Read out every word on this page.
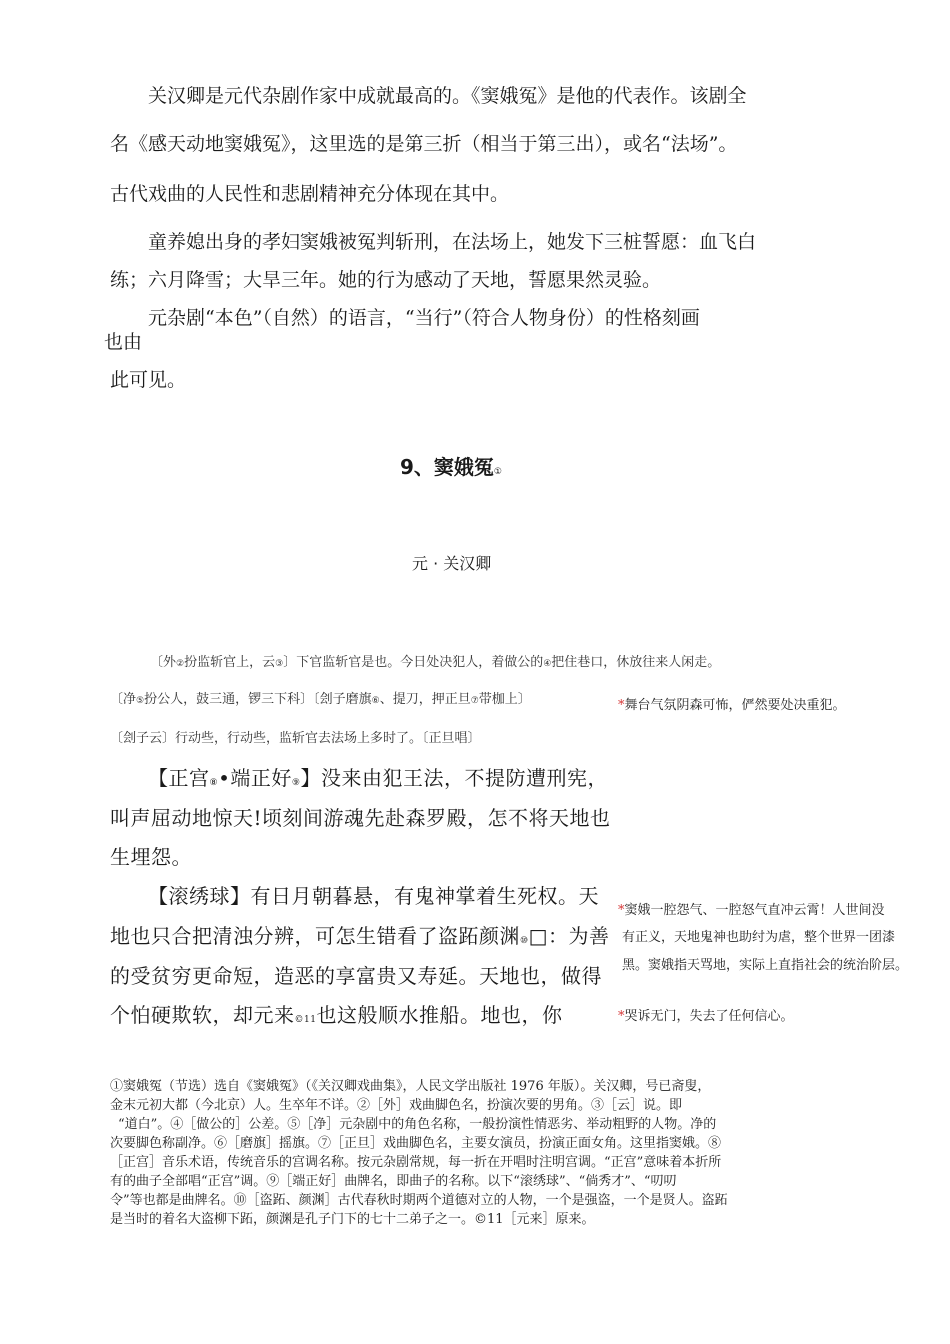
关汉卿是元代杂剧作家中成就最高的。《窦娥冤》是他的代表作。该剧全
名《感天动地窦娥冤》，这里选的是第三折（相当于第三出），或名“法场”。
古代戏曲的人民性和悲剧精神充分体现在其中。
童养媳出身的孝妇窦娥被冤判斩刑，在法场上，她发下三桩誓愿：血飞白
练；六月降雪；大旱三年。她的行为感动了天地，誓愿果然灵验。
元杂剧“本色”（自然）的语言，“当行”（符合人物身份）的性格刻画
也由
此可见。
9、窦娥冤①
元 · 关汉卿
〔外②扮监斩官上，云③〕下官监斩官是也。今日处决犯人，着做公的④把住巷口，休放往来人闲走。
〔净⑤扮公人，鼓三通，锣三下科〕〔刽子磨旗⑥、提刀，押正旦⑦带枷上〕
〔刽子云〕行动些，行动些，监斩官去法场上多时了。〔正旦唱〕
【正宫⑧•端正好⑨】没来由犯王法，不提防遭刑宪，
叫声屈动地惊天!顷刻间游魂先赴森罗殿，怎不将天地也
生埋怨。
【滚绣球】有日月朝暮悬，有鬼神掌着生死权。天
地也只合把清浊分辨，可怎生错看了盗跖颜渊⑩□：为善
的受贫穷更命短，造恶的享富贵又寿延。天地也，做得
个怕硬欺软，却元来©11也这般顺水推船。地也，你
*舞台气氛阴森可怖，俨然要处决重犯。
*窦娥一腔怨气、一腔怒气直冲云霄！人世间没
有正义，天地鬼神也助纣为虐，整个世界一团漆
黑。窦娥指天骂地，实际上直指社会的统治阶层。
*哭诉无门，失去了任何信心。
①窦娥冤（节选）选自《窦娥冤》（《关汉卿戏曲集》，人民文学出版社 1976 年版）。关汉卿，号已斋叟，
金末元初大都（今北京）人。生卒年不详。②［外］戏曲脚色名，扮演次要的男角。③［云］说。即
“道白”。④［做公的］公差。⑤［净］元杂剧中的角色名称，一般扮演性情恶劣、举动粗野的人物。净的
次要脚色称副净。⑥［磨旗］摇旗。⑦［正旦］戏曲脚色名，主要女演员，扮演正面女角。这里指窦娥。⑧
［正宫］音乐术语，传统音乐的宫调名称。按元杂剧常规，每一折在开唱时注明宫调。“正宫”意味着本折所
有的曲子全部唱“正宫”调。⑨［端正好］曲牌名，即曲子的名称。以下“滚绣球”、“倘秀才”、“叨叨
令”等也都是曲牌名。⑩［盗跖、颜渊］古代春秋时期两个道德对立的人物，一个是强盗，一个是贤人。盗跖
是当时的着名大盗柳下跖，颜渊是孔子门下的七十二弟子之一。©11［元来］原来。
